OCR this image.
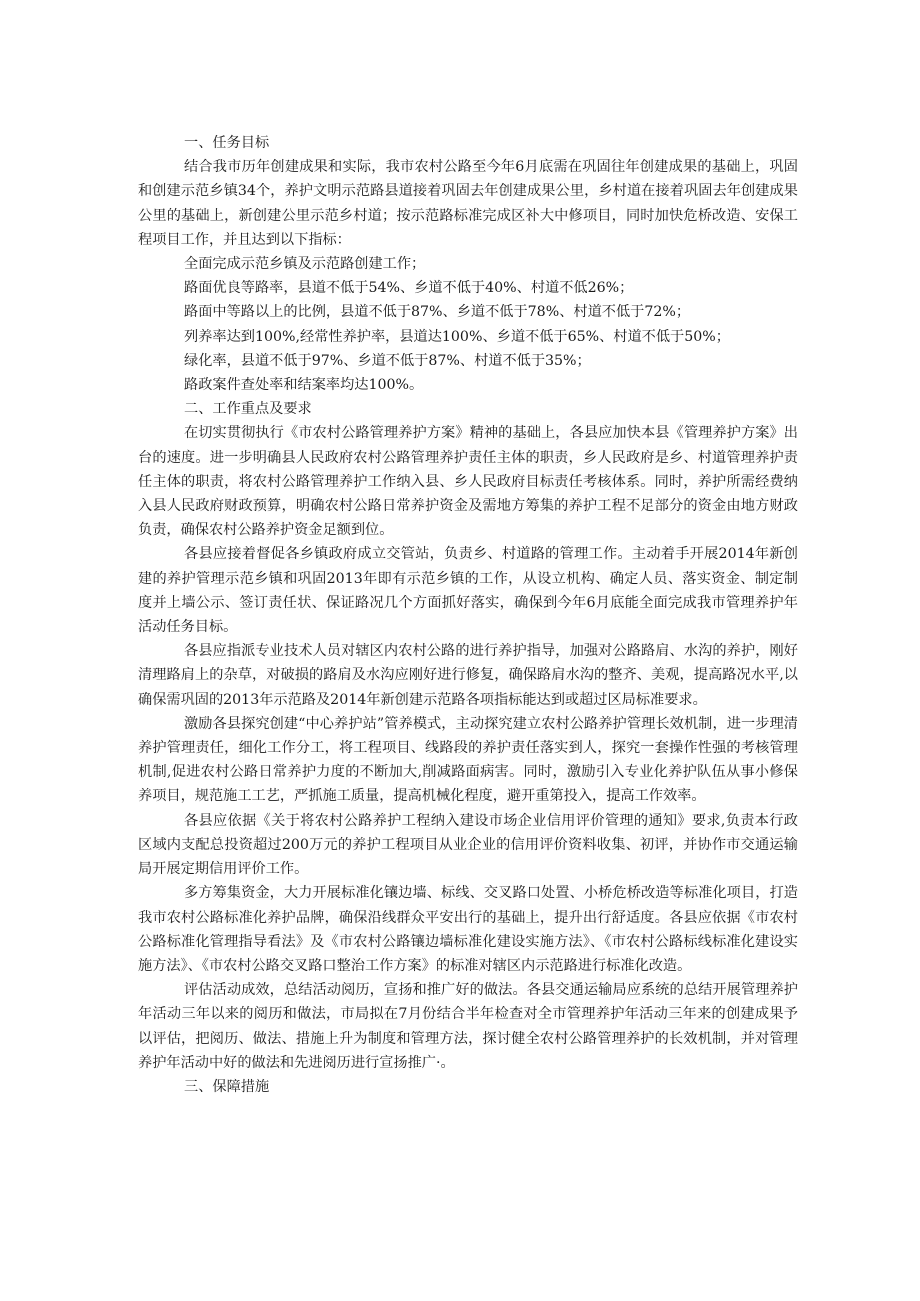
一、任务目标

结合我市历年创建成果和实际，我市农村公路至今年6月底需在巩固往年创建成果的基础上，巩固和创建示范乡镇34个，养护文明示范路县道接着巩固去年创建成果公里，乡村道在接着巩固去年创建成果公里的基础上，新创建公里示范乡村道；按示范路标准完成区补大中修项目，同时加快危桥改造、安保工程项目工作，并且达到以下指标：

全面完成示范乡镇及示范路创建工作；

路面优良等路率，县道不低于54%、乡道不低于40%、村道不低26%；

路面中等路以上的比例，县道不低于87%、乡道不低于78%、村道不低于72%；

列养率达到100%,经常性养护率，县道达100%、乡道不低于65%、村道不低于50%；

绿化率，县道不低于97%、乡道不低于87%、村道不低于35%；

路政案件查处率和结案率均达100%。

二、工作重点及要求

在切实贯彻执行《市农村公路管理养护方案》精神的基础上，各县应加快本县《管理养护方案》出台的速度。进一步明确县人民政府农村公路管理养护责任主体的职责，乡人民政府是乡、村道管理养护责任主体的职责，将农村公路管理养护工作纳入县、乡人民政府目标责任考核体系。同时，养护所需经费纳入县人民政府财政预算，明确农村公路日常养护资金及需地方筹集的养护工程不足部分的资金由地方财政负责，确保农村公路养护资金足额到位。

各县应接着督促各乡镇政府成立交管站，负责乡、村道路的管理工作。主动着手开展2014年新创建的养护管理示范乡镇和巩固2013年即有示范乡镇的工作，从设立机构、确定人员、落实资金、制定制度并上墙公示、签订责任状、保证路况几个方面抓好落实，确保到今年6月底能全面完成我市管理养护年活动任务目标。

各县应指派专业技术人员对辖区内农村公路的进行养护指导，加强对公路路肩、水沟的养护，刚好清理路肩上的杂草，对破损的路肩及水沟应刚好进行修复，确保路肩水沟的整齐、美观，提高路况水平,以确保需巩固的2013年示范路及2014年新创建示范路各项指标能达到或超过区局标准要求。

激励各县探究创建“中心养护站”管养模式，主动探究建立农村公路养护管理长效机制，进一步理清养护管理责任，细化工作分工，将工程项目、线路段的养护责任落实到人，探究一套操作性强的考核管理机制,促进农村公路日常养护力度的不断加大,削减路面病害。同时，激励引入专业化养护队伍从事小修保养项目，规范施工工艺，严抓施工质量，提高机械化程度，避开重第投入，提高工作效率。

各县应依据《关于将农村公路养护工程纳入建设市场企业信用评价管理的通知》要求,负责本行政区域内支配总投资超过200万元的养护工程项目从业企业的信用评价资料收集、初评，并协作市交通运输局开展定期信用评价工作。

多方筹集资金，大力开展标准化镶边墙、标线、交叉路口处置、小桥危桥改造等标准化项目，打造我市农村公路标准化养护品牌，确保沿线群众平安出行的基础上，提升出行舒适度。各县应依据《市农村公路标准化管理指导看法》及《市农村公路镶边墙标准化建设实施方法》、《市农村公路标线标准化建设实施方法》、《市农村公路交叉路口整治工作方案》的标准对辖区内示范路进行标准化改造。

评估活动成效，总结活动阅历，宣扬和推广好的做法。各县交通运输局应系统的总结开展管理养护年活动三年以来的阅历和做法，市局拟在7月份结合半年检查对全市管理养护年活动三年来的创建成果予以评估，把阅历、做法、措施上升为制度和管理方法，探讨健全农村公路管理养护的长效机制，并对管理养护年活动中好的做法和先进阅历进行宣扬推广·。

三、保障措施
